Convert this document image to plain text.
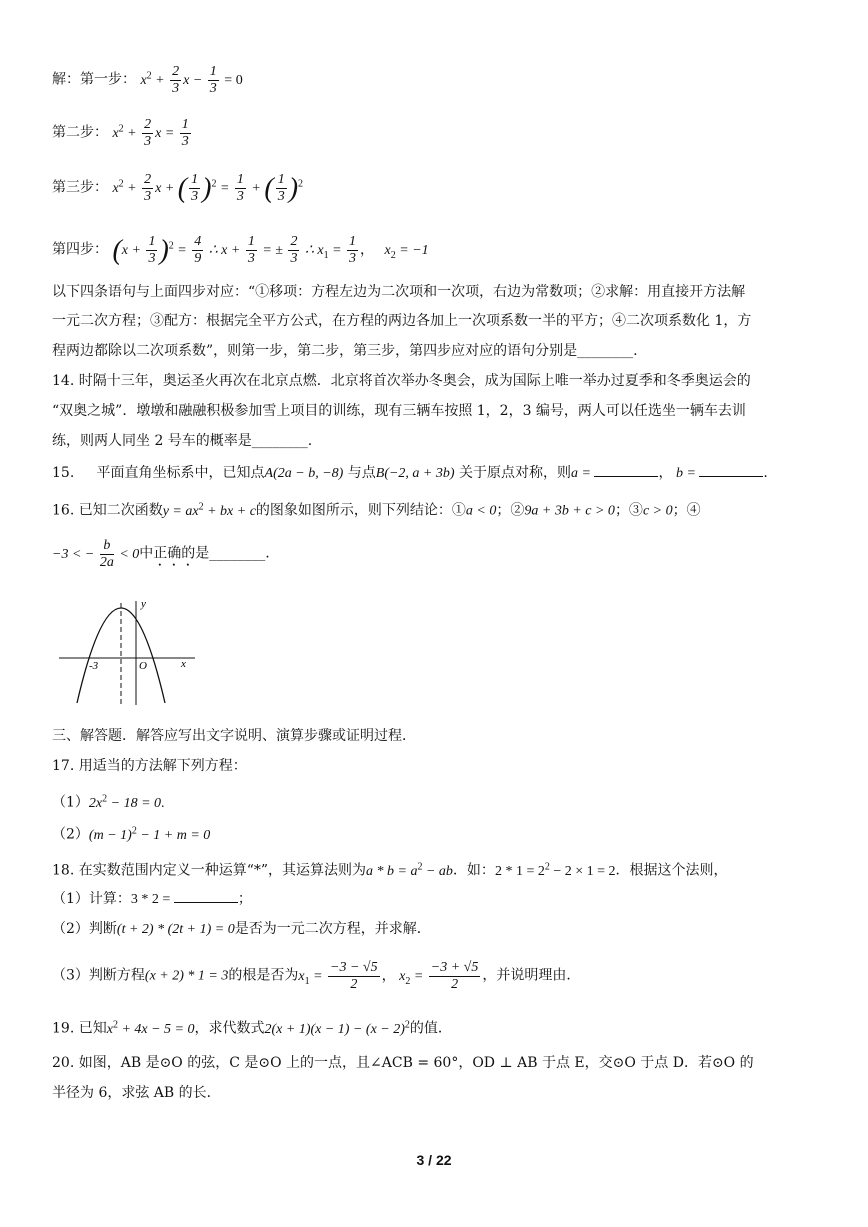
解：第一步： $x^2 + \frac{2}{3}$ $x - \frac{1}{3} = 0$
第二步： $x^2 + \frac{2}{3}$ $x = \frac{1}{3}$
第三步： $x^2 + \frac{2}{3}$ x + ( $\frac{1}{3} )^2 = \frac{1}{3}$ + ( $\frac{1}{3} )^2$
第四步： $(x + \frac{1}{3} )^2 = \frac{4}{9}$ ∴ $x + \frac{1}{3}$ = ± $\frac{2}{3}$ ∴ $x_1 = \frac{1}{3}$ ，   $x_2 = -1$
以下四条语句与上面四步对应：“①移项：方程左边为二次项和一次项，右边为常数项；②求解：用直接开方法解
一元二次方程；③配方：根据完全平方公式，在方程的两边各加上一次项系数一半的平方；④二次项系数化 1，方
程两边都除以二次项系数”，则第一步，第二步，第三步，第四步应对应的语句分别是________.
14. 时隔十三年，奥运圣火再次在北京点燃．北京将首次举办冬奥会，成为国际上唯一举办过夏季和冬季奥运会的
“双奥之城”．墩墩和融融积极参加雪上项目的训练，现有三辆车按照 1，2，3 编号，两人可以任选坐一辆车去训
练，则两人同坐 2 号车的概率是________.
15. 平面直角坐标系中，已知点A(2a − b, −8) 与点B(−2, a + 3b) 关于原点对称，则a =	， b =	.
16. 已知二次函数$y = ax^2$ + bx + c的图象如图所示，则下列结论：①a < 0；②9a + 3b + c > 0；③c > 0；④
−3 < − $\frac{b}{2a} < 0$中正确的是________.
y
x
O
-3
三、解答题．解答应写出文字说明、演算步骤或证明过程．
17. 用适当的方法解下列方程：
$(1)2x^2 - 18 = 0$.
$(2)(m - 1)^2 - 1 + m = 0$
18. 在实数范围内定义一种运算“*”，其运算法则为$a * b = a^2$ − ab．如：$2 * 1 = 2^2 - 2 \times 1 = 2$．根据这个法则，
（1）计算：3 * 2 =	；
（2）判断(t + 2) * (2t + 1) = 0是否为一元二次方程，并求解．
（3）判断方程(x + 2) * 1 = 3的根是否为$x_1 = \frac{-3 - √5}{2}$ ， $x_2 = \frac{-3 + √5}{2}$ ，并说明理由．
19. 已知$x^2 + 4x - 5 = 0$，求代数式$2(x + 1)(x - 1) - (x - 2)^2$的值．
20. 如图，AB 是⊙O 的弦，C 是⊙O 上的一点，且∠ACB = 60°，OD ⊥ AB 于点 E，交⊙O 于点 D．若⊙O 的
半径为 6，求弦 AB 的长．
3 / 22
